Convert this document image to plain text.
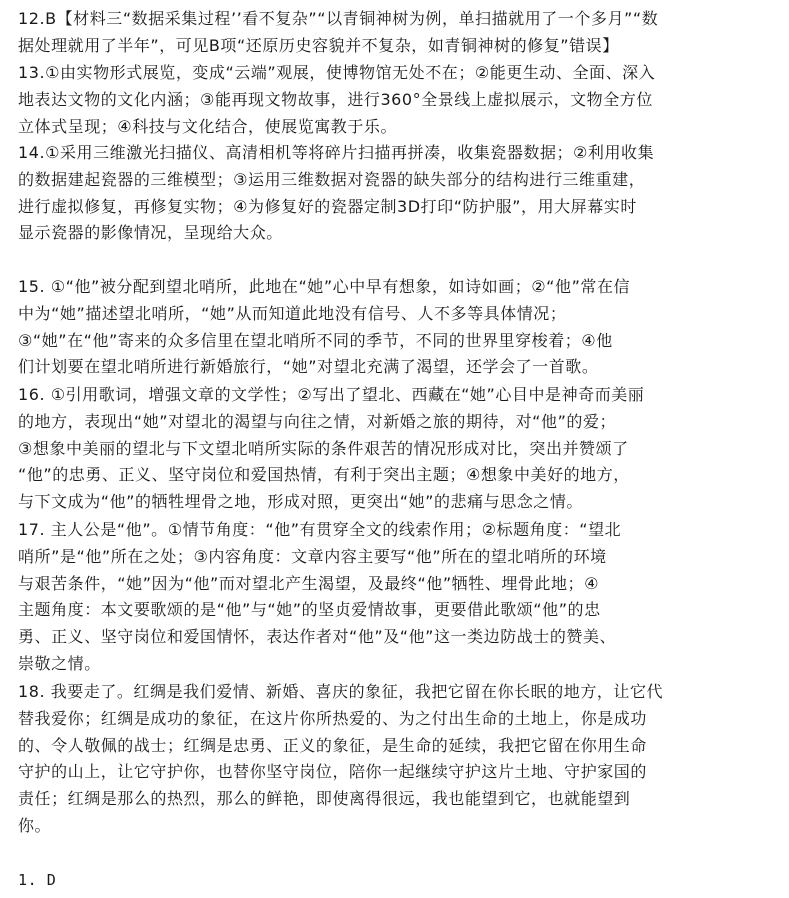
12.B【材料三“数据采集过程’’看不复杂”“以青铜神树为例，单扫描就用了一个多月”“数
据处理就用了半年”，可见B项“还原历史容貌并不复杂，如青铜神树的修复”错误】
13.①由实物形式展览，变成“云端”观展，使博物馆无处不在；②能更生动、全面、深入
地表达文物的文化内涵；③能再现文物故事，进行360°全景线上虚拟展示，文物全方位
立体式呈现；④科技与文化结合，使展览寓教于乐。
14.①采用三维激光扫描仪、高清相机等将碎片扫描再拼凑，收集瓷器数据；②利用收集
的数据建起瓷器的三维模型；③运用三维数据对瓷器的缺失部分的结构进行三维重建，
进行虚拟修复，再修复实物；④为修复好的瓷器定制3D打印“防护服”，用大屏幕实时
显示瓷器的影像情况，呈现给大众。
15. ①“他”被分配到望北哨所，此地在“她”心中早有想象，如诗如画；②“他”常在信
中为“她”描述望北哨所，“她”从而知道此地没有信号、人不多等具体情况；
③“她”在“他”寄来的众多信里在望北哨所不同的季节，不同的世界里穿梭着；④他
们计划要在望北哨所进行新婚旅行，“她”对望北充满了渴望，还学会了一首歌。
16. ①引用歌词，增强文章的文学性；②写出了望北、西藏在“她”心目中是神奇而美丽
的地方，表现出“她”对望北的渴望与向往之情，对新婚之旅的期待，对“他”的爱；
③想象中美丽的望北与下文望北哨所实际的条件艰苦的情况形成对比，突出并赞颂了
“他”的忠勇、正义、坚守岗位和爱国热情，有利于突出主题；④想象中美好的地方，
与下文成为“他”的牺牲埋骨之地，形成对照，更突出“她”的悲痛与思念之情。
17. 主人公是“他”。①情节角度：“他”有贯穿全文的线索作用；②标题角度：“望北
哨所”是“他”所在之处；③内容角度：文章内容主要写“他”所在的望北哨所的环境
与艰苦条件，“她”因为“他”而对望北产生渴望，及最终“他”牺牲、埋骨此地；④
主题角度：本文要歌颂的是“他”与“她”的坚贞爱情故事，更要借此歌颂“他”的忠
勇、正义、坚守岗位和爱国情怀，表达作者对“他”及“他”这一类边防战士的赞美、
崇敬之情。
18. 我要走了。红绸是我们爱情、新婚、喜庆的象征，我把它留在你长眠的地方，让它代
替我爱你；红绸是成功的象征，在这片你所热爱的、为之付出生命的土地上，你是成功
的、令人敬佩的战士；红绸是忠勇、正义的象征，是生命的延续，我把它留在你用生命
守护的山上，让它守护你，也替你坚守岗位，陪你一起继续守护这片土地、守护家国的
责任；红绸是那么的热烈，那么的鲜艳，即使离得很远，我也能望到它，也就能望到
你。
1. D
